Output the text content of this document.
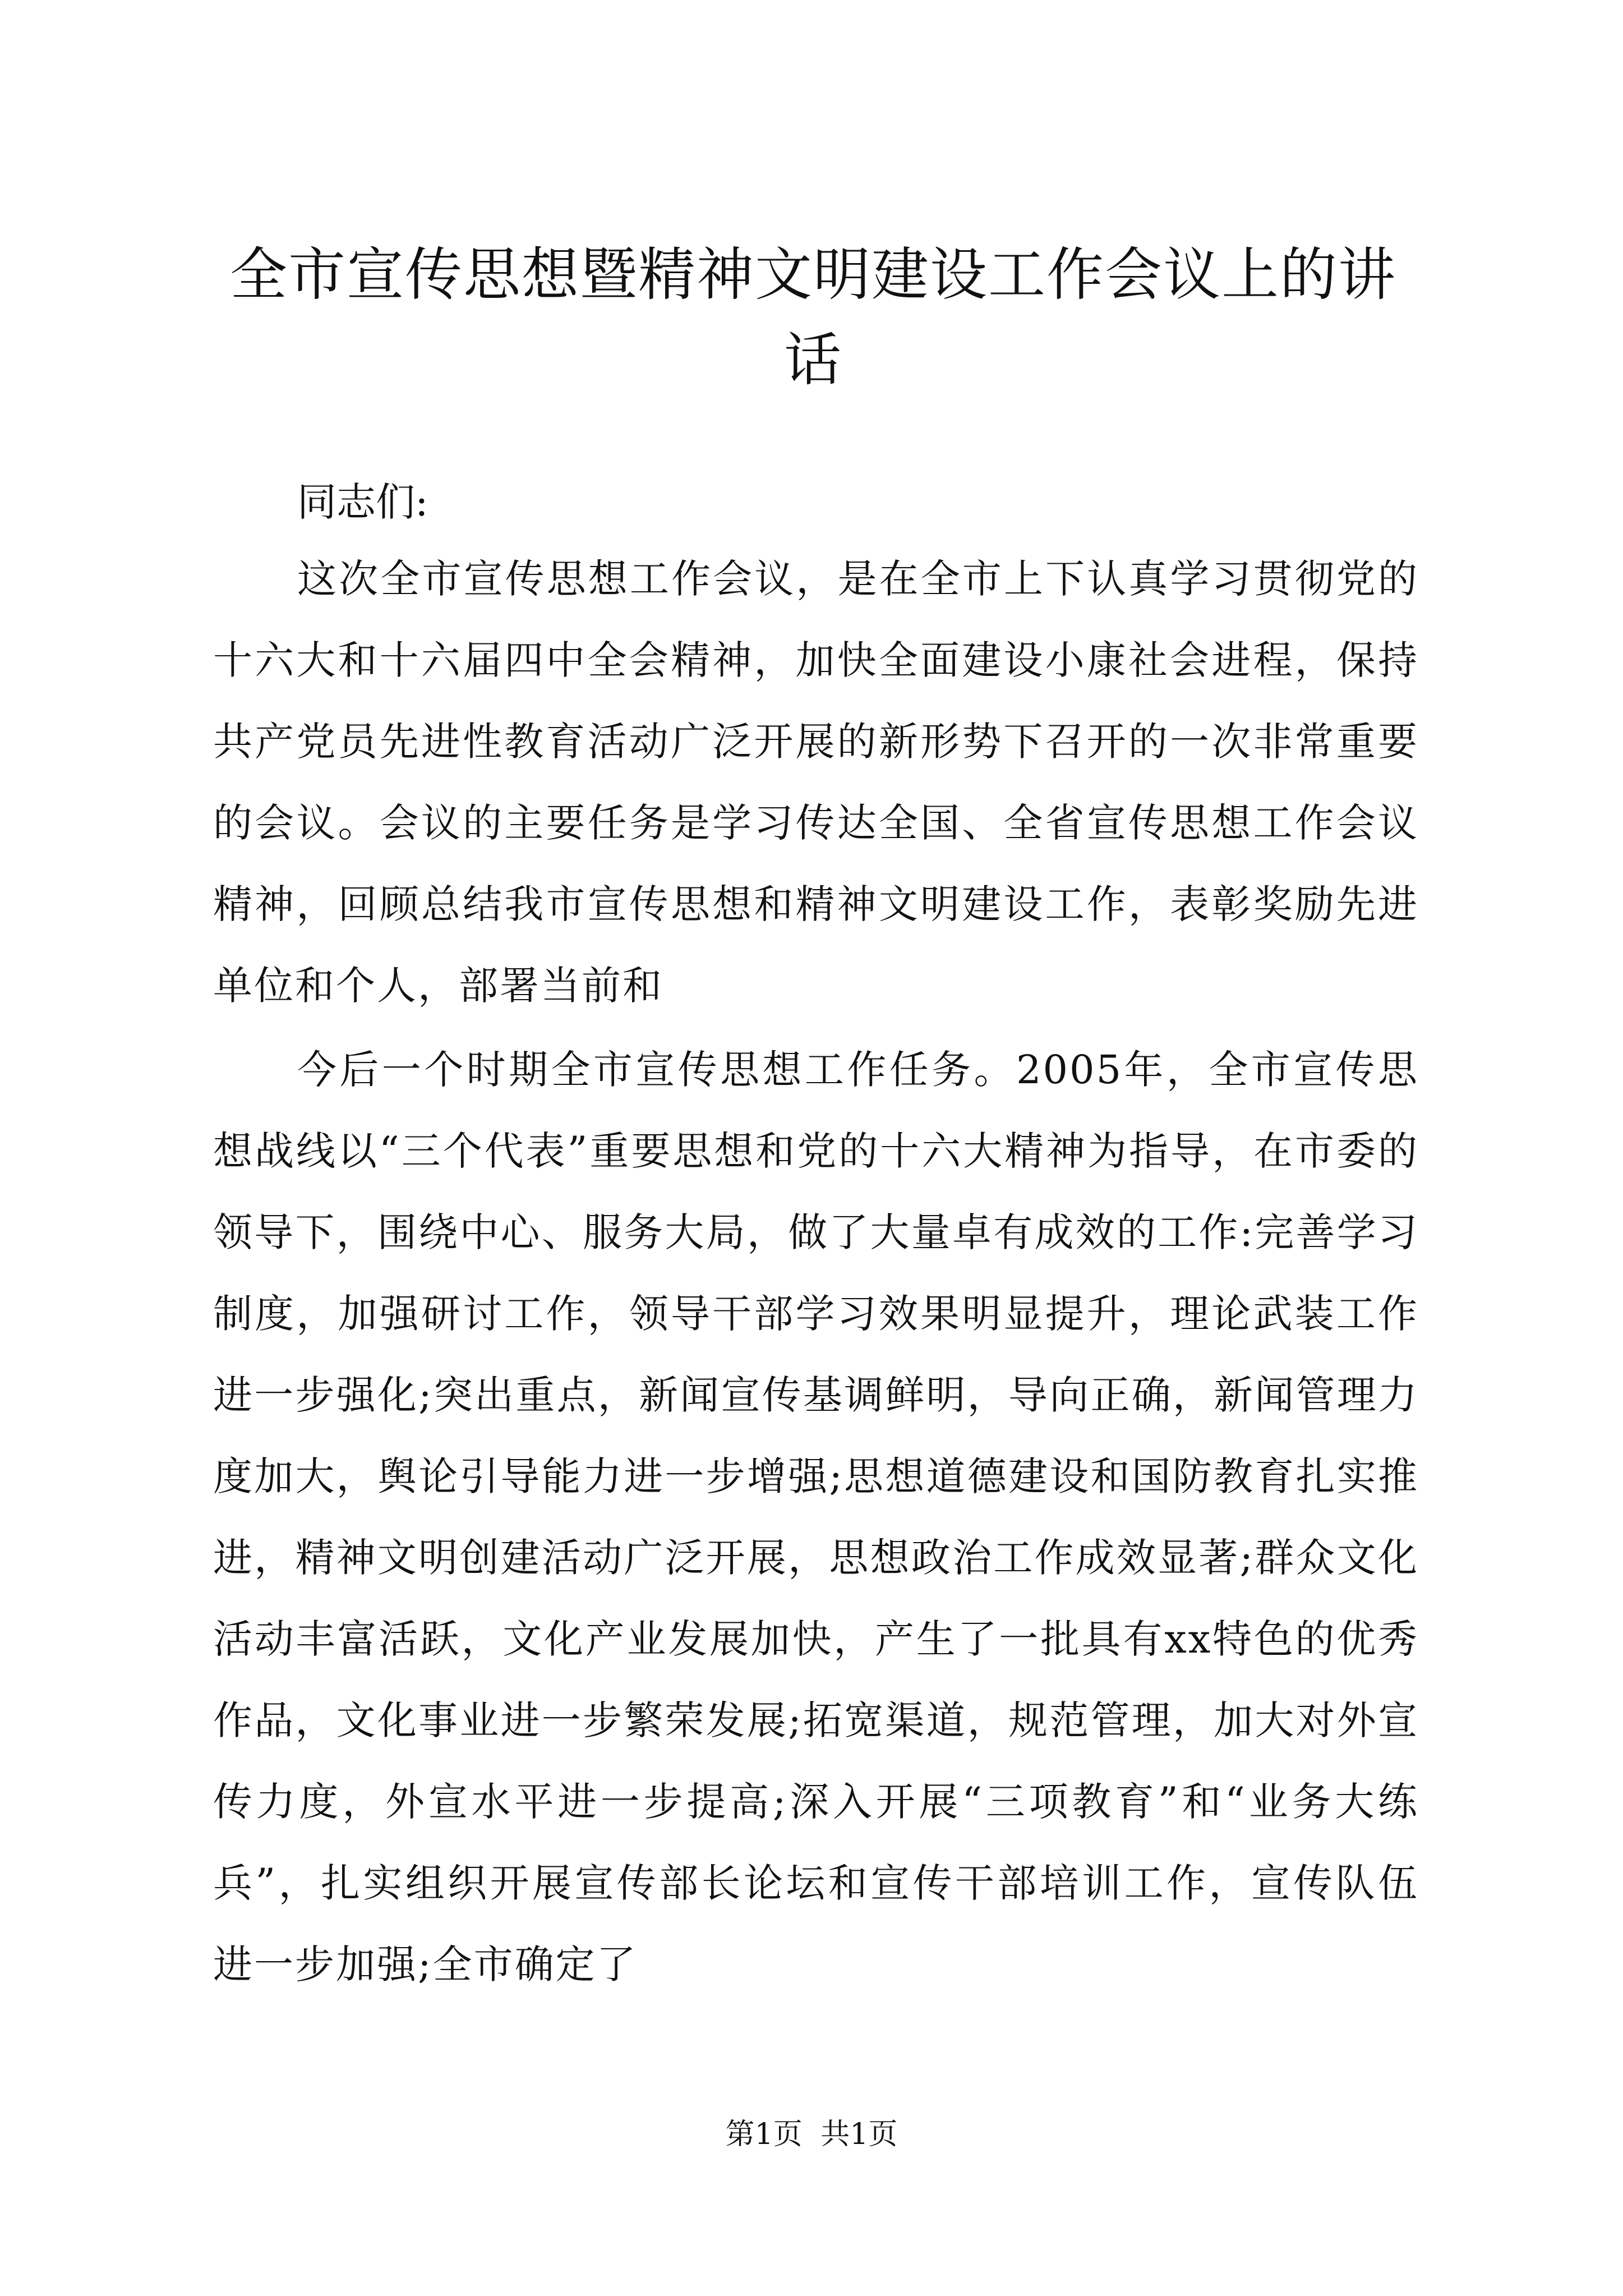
全市宣传思想暨精神文明建设工作会议上的讲话

同志们:

这次全市宣传思想工作会议，是在全市上下认真学习贯彻党的十六大和十六届四中全会精神，加快全面建设小康社会进程，保持共产党员先进性教育活动广泛开展的新形势下召开的一次非常重要的会议。会议的主要任务是学习传达全国、全省宣传思想工作会议精神，回顾总结我市宣传思想和精神文明建设工作，表彰奖励先进单位和个人，部署当前和

今后一个时期全市宣传思想工作任务。2005年，全市宣传思想战线以“三个代表”重要思想和党的十六大精神为指导，在市委的领导下，围绕中心、服务大局，做了大量卓有成效的工作:完善学习制度，加强研讨工作，领导干部学习效果明显提升，理论武装工作进一步强化;突出重点，新闻宣传基调鲜明，导向正确，新闻管理力度加大，舆论引导能力进一步增强;思想道德建设和国防教育扎实推进，精神文明创建活动广泛开展，思想政治工作成效显著;群众文化活动丰富活跃，文化产业发展加快，产生了一批具有xx特色的优秀作品，文化事业进一步繁荣发展;拓宽渠道，规范管理，加大对外宣传力度，外宣水平进一步提高;深入开展“三项教育”和“业务大练兵”，扎实组织开展宣传部长论坛和宣传干部培训工作，宣传队伍进一步加强;全市确定了

第1页 共1页
